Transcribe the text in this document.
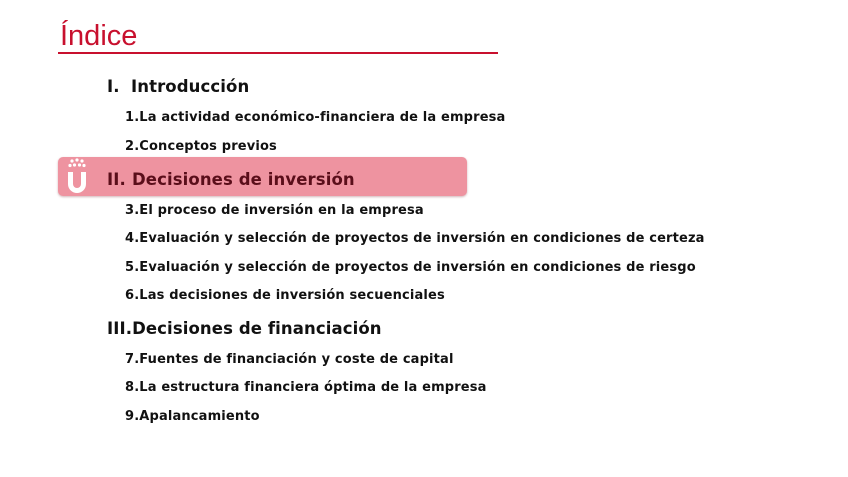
Índice
I. Introducción
1.La actividad económico-financiera de la empresa
2.Conceptos previos
II. Decisiones de inversión
3.El proceso de inversión en la empresa
4.Evaluación y selección de proyectos de inversión en condiciones de certeza
5.Evaluación y selección de proyectos de inversión en condiciones de riesgo
6.Las decisiones de inversión secuenciales
III.Decisiones de financiación
7.Fuentes de financiación y coste de capital
8.La estructura financiera óptima de la empresa
9.Apalancamiento
